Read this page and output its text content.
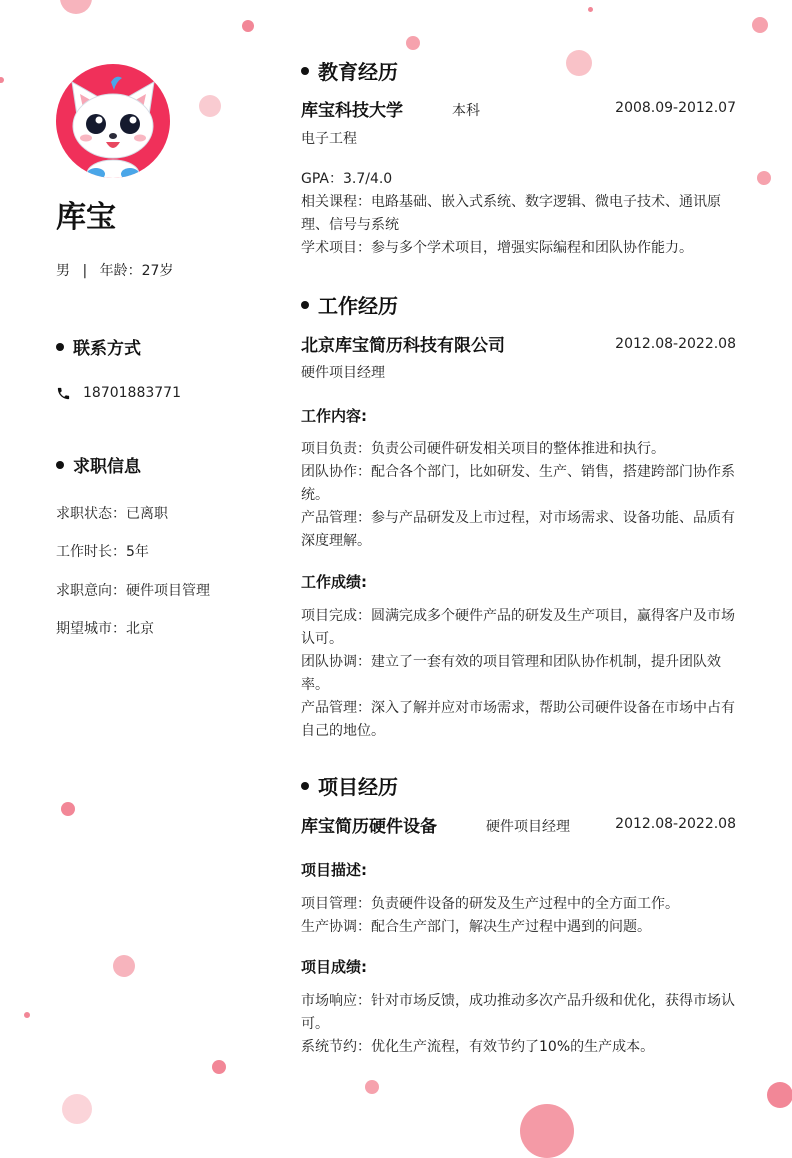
库宝
男 | 年龄：27岁
联系方式
18701883771
求职信息
求职状态：已离职
工作时长：5年
求职意向：硬件项目管理
期望城市：北京
教育经历
库宝科技大学	本科	2008.09-2012.07
电子工程
GPA：3.7/4.0
相关课程：电路基础、嵌入式系统、数字逻辑、微电子技术、通讯原理、信号与系统
学术项目：参与多个学术项目，增强实际编程和团队协作能力。
工作经历
北京库宝简历科技有限公司	2012.08-2022.08
硬件项目经理
工作内容:
项目负责：负责公司硬件研发相关项目的整体推进和执行。
团队协作：配合各个部门，比如研发、生产、销售，搭建跨部门协作系统。
产品管理：参与产品研发及上市过程，对市场需求、设备功能、品质有深度理解。
工作成绩:
项目完成：圆满完成多个硬件产品的研发及生产项目，赢得客户及市场认可。
团队协调：建立了一套有效的项目管理和团队协作机制，提升团队效率。
产品管理：深入了解并应对市场需求，帮助公司硬件设备在市场中占有自己的地位。
项目经历
库宝简历硬件设备	硬件项目经理	2012.08-2022.08
项目描述:
项目管理：负责硬件设备的研发及生产过程中的全方面工作。
生产协调：配合生产部门，解决生产过程中遇到的问题。
项目成绩:
市场响应：针对市场反馈，成功推动多次产品升级和优化，获得市场认可。
系统节约：优化生产流程，有效节约了10%的生产成本。
